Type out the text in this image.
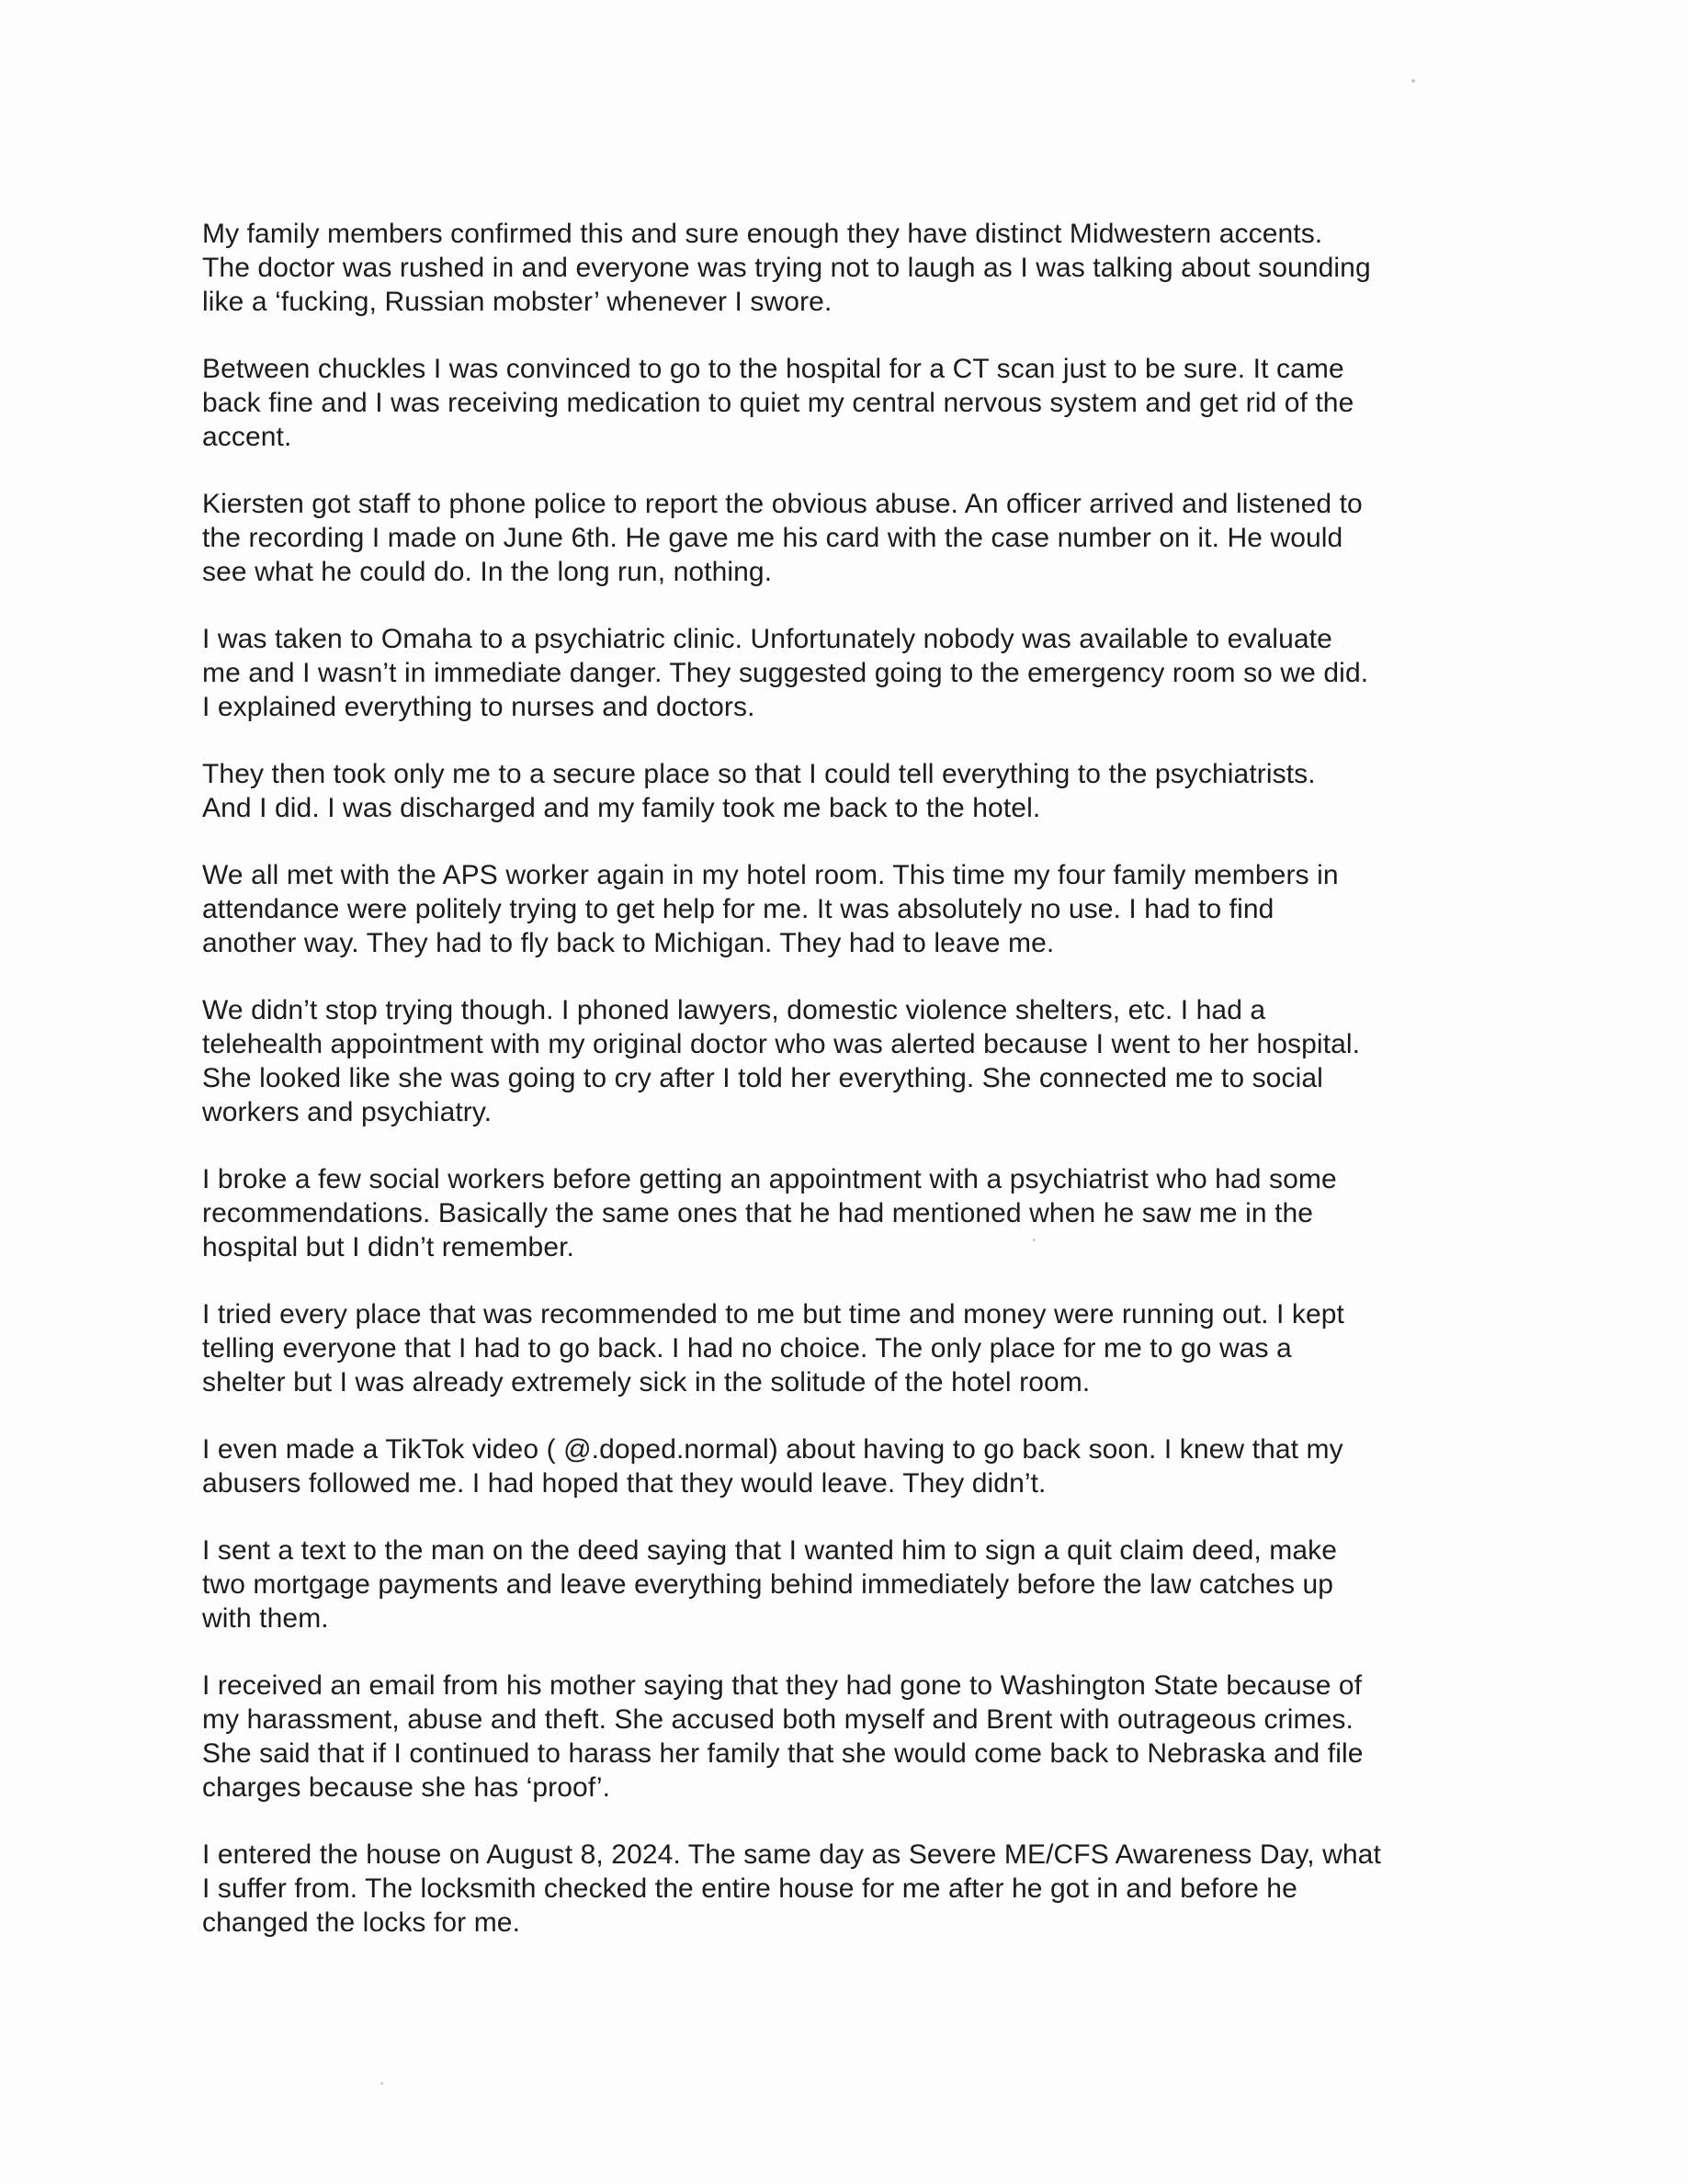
My family members confirmed this and sure enough they have distinct Midwestern accents.
The doctor was rushed in and everyone was trying not to laugh as I was talking about sounding
like a ‘fucking, Russian mobster’ whenever I swore.

Between chuckles I was convinced to go to the hospital for a CT scan just to be sure. It came
back fine and I was receiving medication to quiet my central nervous system and get rid of the
accent.

Kiersten got staff to phone police to report the obvious abuse. An officer arrived and listened to
the recording I made on June 6th. He gave me his card with the case number on it. He would
see what he could do. In the long run, nothing.

I was taken to Omaha to a psychiatric clinic. Unfortunately nobody was available to evaluate
me and I wasn’t in immediate danger. They suggested going to the emergency room so we did.
I explained everything to nurses and doctors.

They then took only me to a secure place so that I could tell everything to the psychiatrists.
And I did. I was discharged and my family took me back to the hotel.

We all met with the APS worker again in my hotel room. This time my four family members in
attendance were politely trying to get help for me. It was absolutely no use. I had to find
another way. They had to fly back to Michigan. They had to leave me.

We didn’t stop trying though. I phoned lawyers, domestic violence shelters, etc. I had a
telehealth appointment with my original doctor who was alerted because I went to her hospital.
She looked like she was going to cry after I told her everything. She connected me to social
workers and psychiatry.

I broke a few social workers before getting an appointment with a psychiatrist who had some
recommendations. Basically the same ones that he had mentioned when he saw me in the
hospital but I didn’t remember.

I tried every place that was recommended to me but time and money were running out. I kept
telling everyone that I had to go back. I had no choice. The only place for me to go was a
shelter but I was already extremely sick in the solitude of the hotel room.

I even made a TikTok video ( @.doped.normal) about having to go back soon. I knew that my
abusers followed me. I had hoped that they would leave. They didn’t.

I sent a text to the man on the deed saying that I wanted him to sign a quit claim deed, make
two mortgage payments and leave everything behind immediately before the law catches up
with them.

I received an email from his mother saying that they had gone to Washington State because of
my harassment, abuse and theft. She accused both myself and Brent with outrageous crimes.
She said that if I continued to harass her family that she would come back to Nebraska and file
charges because she has ‘proof’.

I entered the house on August 8, 2024. The same day as Severe ME/CFS Awareness Day, what
I suffer from. The locksmith checked the entire house for me after he got in and before he
changed the locks for me.
